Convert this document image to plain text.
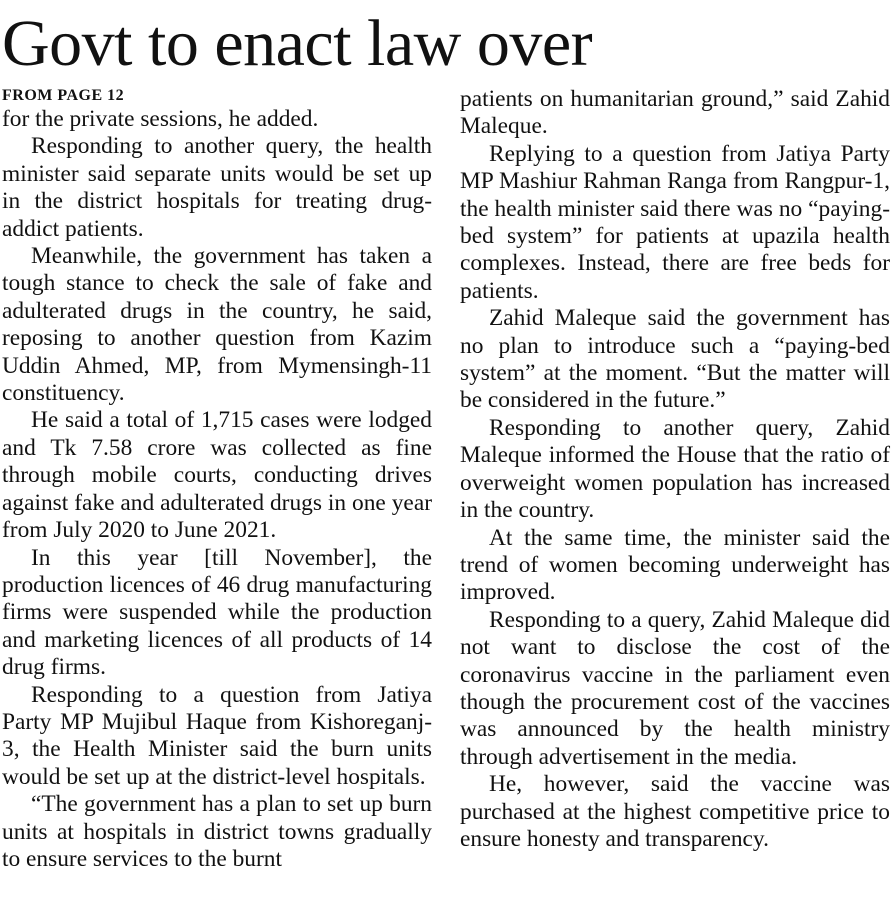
Govt to enact law over
FROM PAGE 12

for the private sessions, he added.

Responding to another query, the health minister said separate units would be set up in the district hospitals for treating drug-addict patients.

Meanwhile, the government has taken a tough stance to check the sale of fake and adulterated drugs in the country, he said, reposing to another question from Kazim Uddin Ahmed, MP, from Mymensingh-11 constituency.

He said a total of 1,715 cases were lodged and Tk 7.58 crore was collected as fine through mobile courts, conducting drives against fake and adulterated drugs in one year from July 2020 to June 2021.

In this year [till November], the production licences of 46 drug manufacturing firms were suspended while the production and marketing licences of all products of 14 drug firms.

Responding to a question from Jatiya Party MP Mujibul Haque from Kishoreganj-3, the Health Minister said the burn units would be set up at the district-level hospitals.

“The government has a plan to set up burn units at hospitals in district towns gradually to ensure services to the burnt

patients on humanitarian ground,” said Zahid Maleque.

Replying to a question from Jatiya Party MP Mashiur Rahman Ranga from Rangpur-1, the health minister said there was no “paying-bed system” for patients at upazila health complexes. Instead, there are free beds for patients.

Zahid Maleque said the government has no plan to introduce such a “paying-bed system” at the moment. “But the matter will be considered in the future.”

Responding to another query, Zahid Maleque informed the House that the ratio of overweight women population has increased in the country.

At the same time, the minister said the trend of women becoming underweight has improved.

Responding to a query, Zahid Maleque did not want to disclose the cost of the coronavirus vaccine in the parliament even though the procurement cost of the vaccines was announced by the health ministry through advertisement in the media.

He, however, said the vaccine was purchased at the highest competitive price to ensure honesty and transparency.
